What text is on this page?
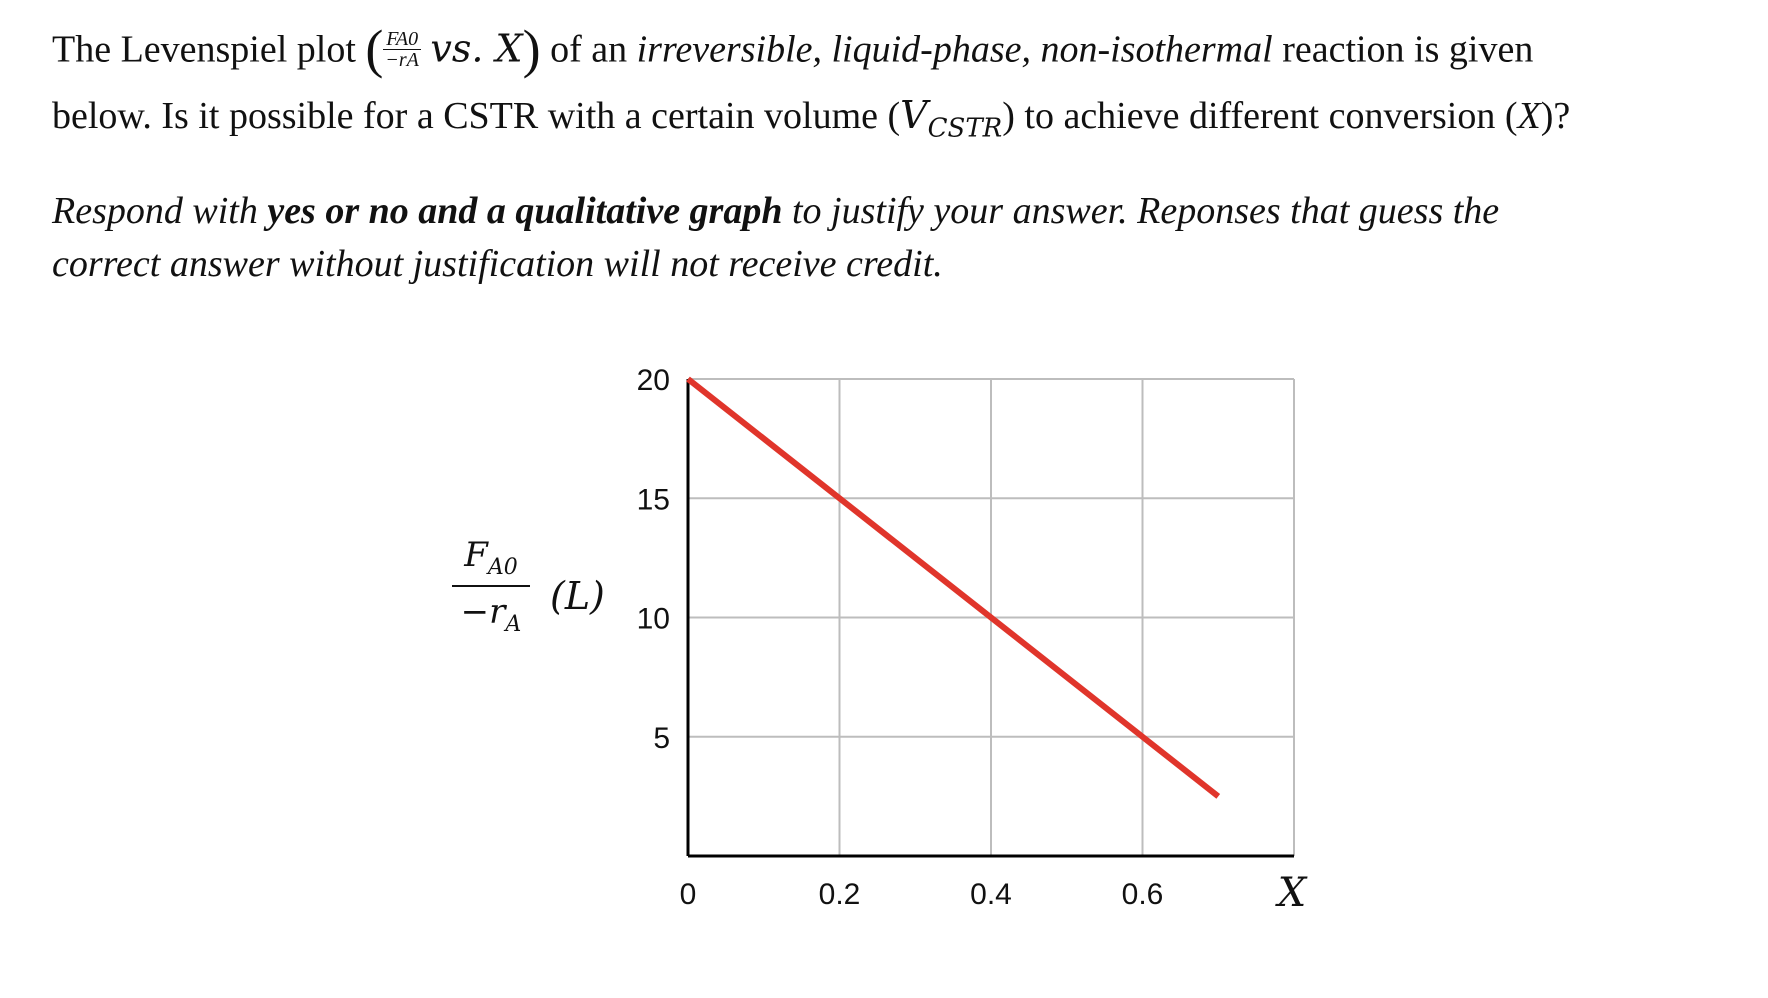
The Levenspiel plot ( $\frac{FA0}{-rA}$ vs. X) of an irreversible, liquid-phase, non-isothermal reaction is given
below. Is it possible for a CSTR with a certain volume $(V_{CSTR})$ to achieve different conversion (X)?
Respond with yes or no and a qualitative graph to justify your answer. Reponses that guess the
correct answer without justification will not receive credit.
$\frac{F_{A0}}{-r_A} (L)$
5
10
15
20
0	0.2	0.4	0.6	X
